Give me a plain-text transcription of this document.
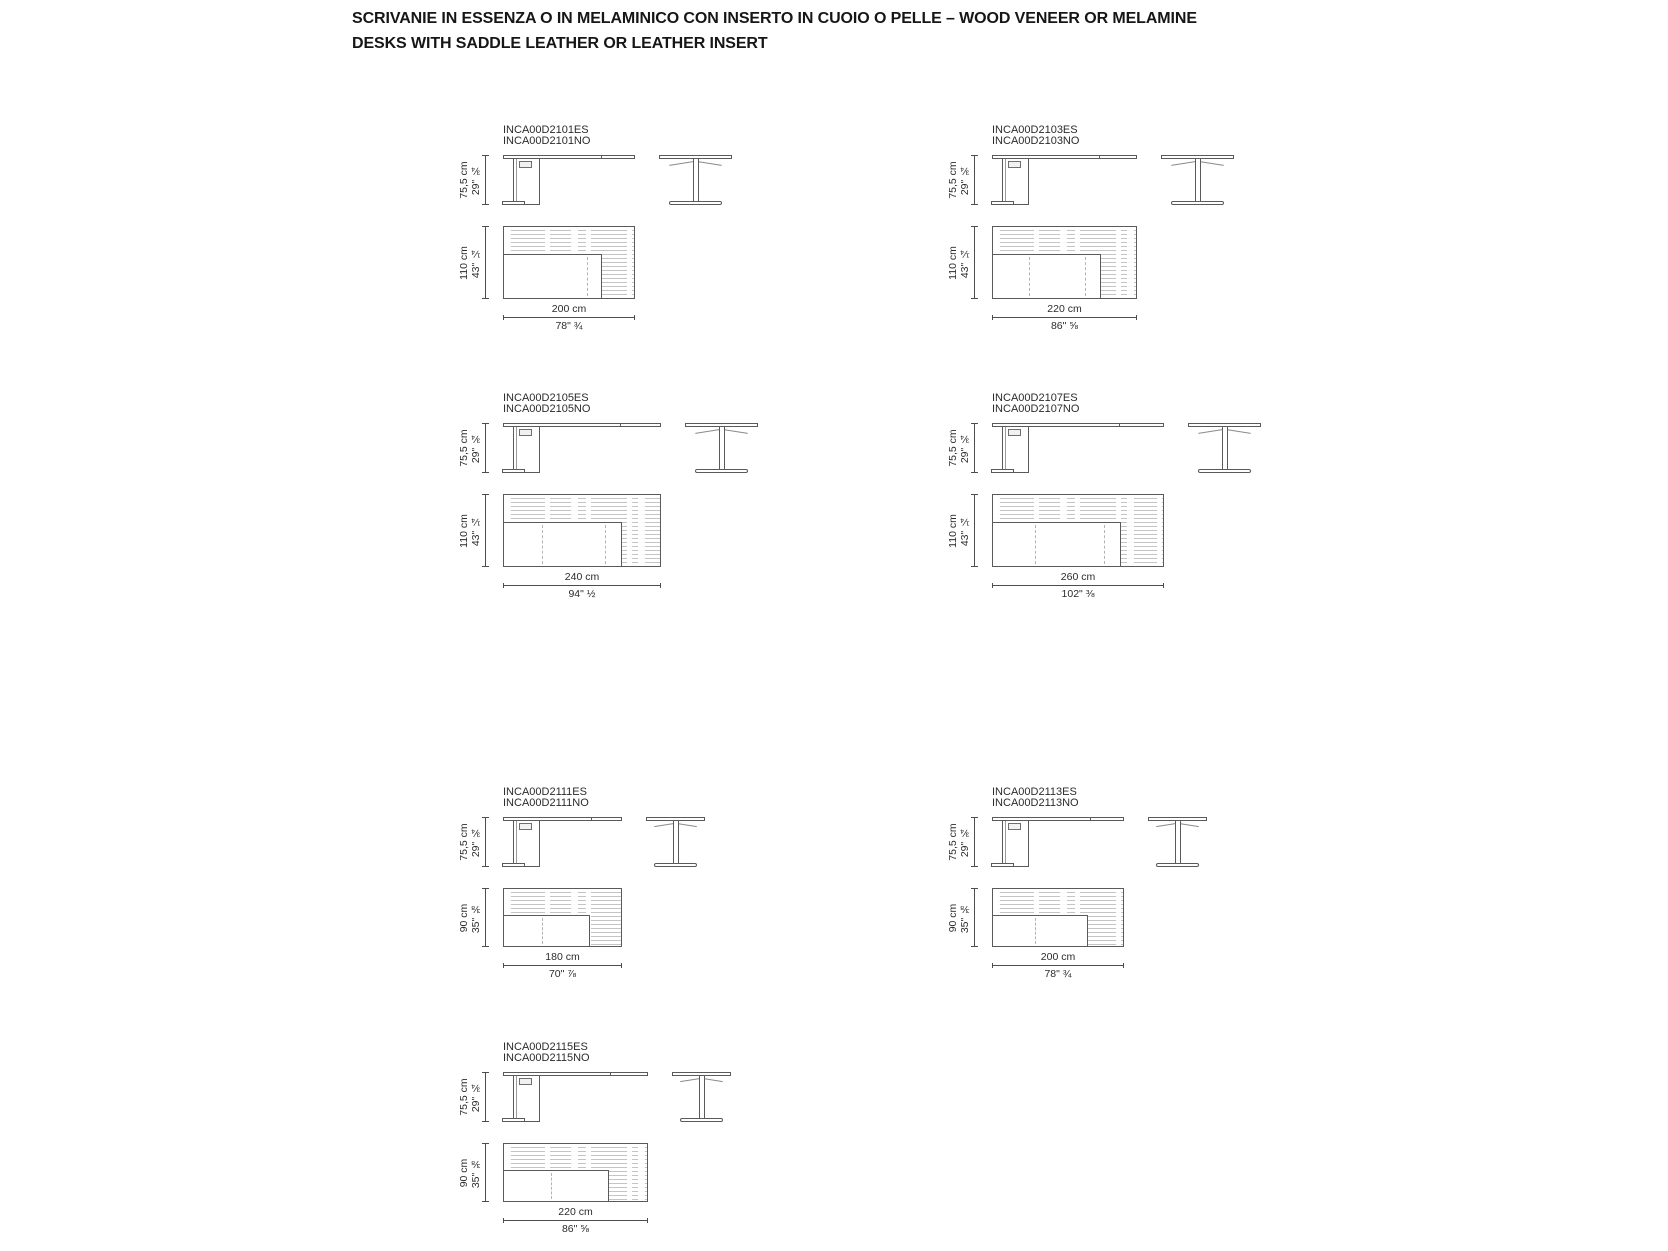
SCRIVANIE IN ESSENZA O IN MELAMINICO CON INSERTO IN CUOIO O PELLE – WOOD VENEER OR MELAMINE
DESKS WITH SADDLE LEATHER OR LEATHER INSERT
INCA00D2101ES
INCA00D2101NO
75,5 cm 29" ¾
110 cm 43" ¼
200 cm
78" ¾
INCA00D2103ES
INCA00D2103NO
75,5 cm 29" ¾
110 cm 43" ¼
220 cm
86" ⅝
INCA00D2105ES
INCA00D2105NO
75,5 cm 29" ¾
110 cm 43" ¼
240 cm
94" ½
INCA00D2107ES
INCA00D2107NO
75,5 cm 29" ¾
110 cm 43" ¼
260 cm
102" ⅜
INCA00D2111ES
INCA00D2111NO
75,5 cm 29" ¾
90 cm 35" ⅜
180 cm
70" ⅞
INCA00D2113ES
INCA00D2113NO
75,5 cm 29" ¾
90 cm 35" ⅜
200 cm
78" ¾
INCA00D2115ES
INCA00D2115NO
75,5 cm 29" ¾
90 cm 35" ⅜
220 cm
86" ⅝
